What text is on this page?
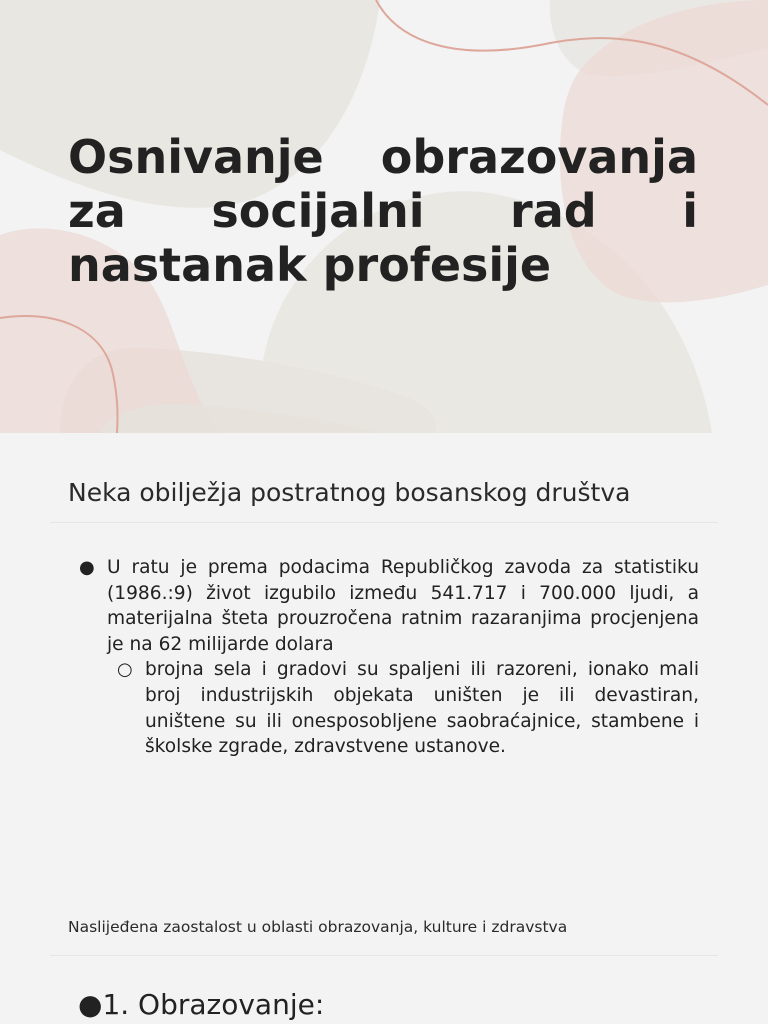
Osnivanje obrazovanja za socijalni rad i nastanak profesije
Neka obilježja postratnog bosanskog društva
● U ratu je prema podacima Republičkog zavoda za statistiku (1986.:9) život izgubilo između 541.717 i 700.000 ljudi, a materijalna šteta prouzročena ratnim razaranjima procjenjena je na 62 milijarde dolara
○ brojna sela i gradovi su spaljeni ili razoreni, ionako mali broj industrijskih objekata uništen je ili devastiran, uništene su ili onesposobljene saobraćajnice, stambene i školske zgrade, zdravstvene ustanove.

Naslijeđena zaostalost u oblasti obrazovanja, kulture i zdravstva

●1. Obrazovanje:
